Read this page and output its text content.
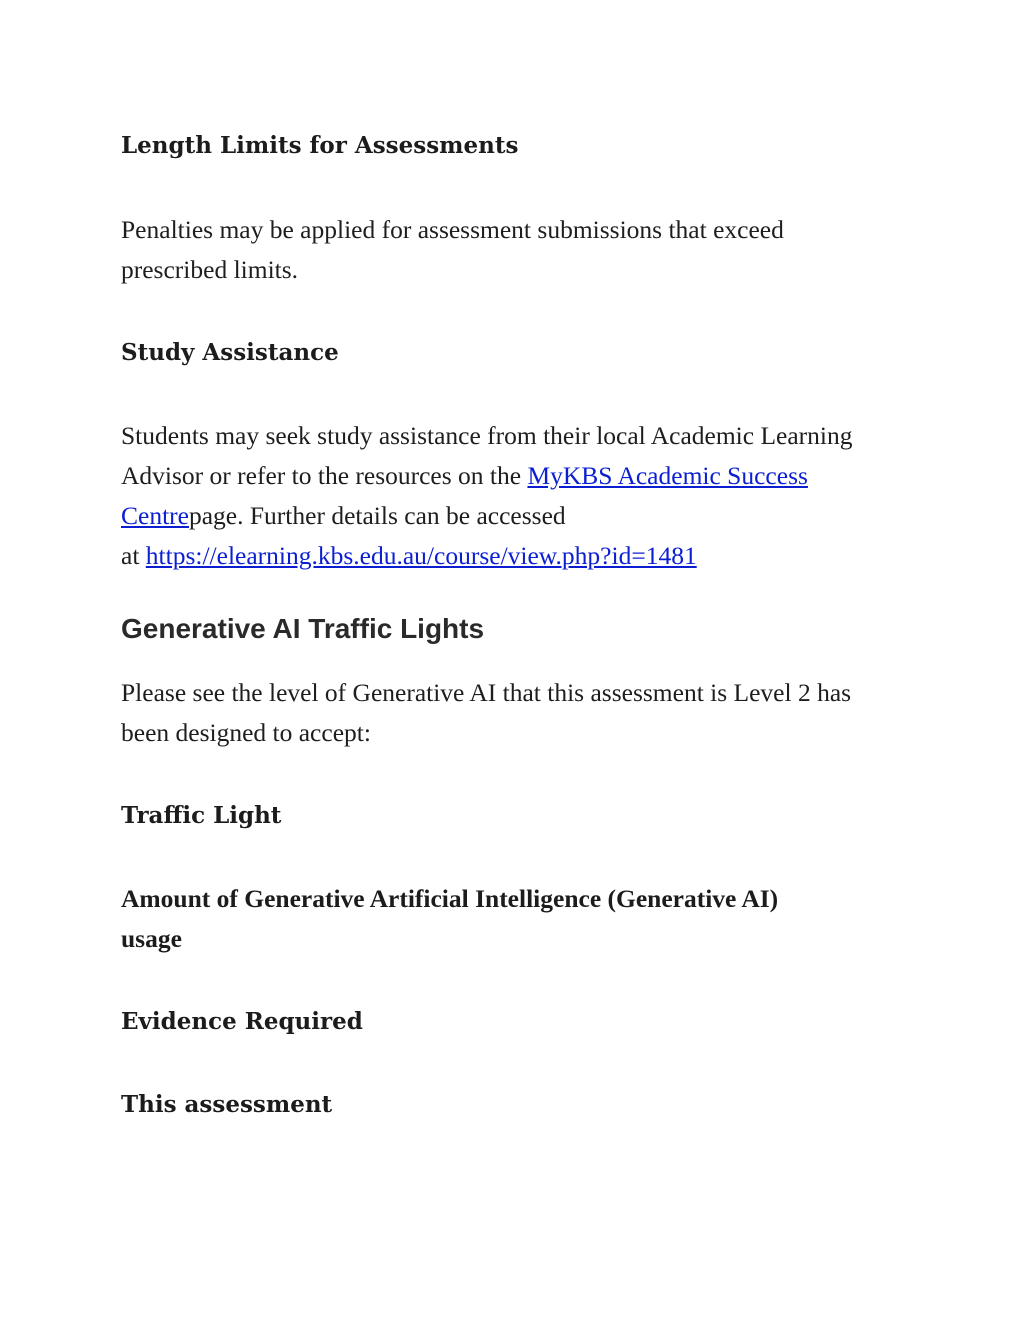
Length Limits for Assessments

Penalties may be applied for assessment submissions that exceed
prescribed limits.

Study Assistance

Students may seek study assistance from their local Academic Learning
Advisor or refer to the resources on the MyKBS Academic Success
Centrepage. Further details can be accessed
at https://elearning.kbs.edu.au/course/view.php?id=1481
Generative AI Traffic Lights
Please see the level of Generative AI that this assessment is Level 2 has
been designed to accept:

Traffic Light

Amount of Generative Artificial Intelligence (Generative AI)
usage

Evidence Required

This assessment
